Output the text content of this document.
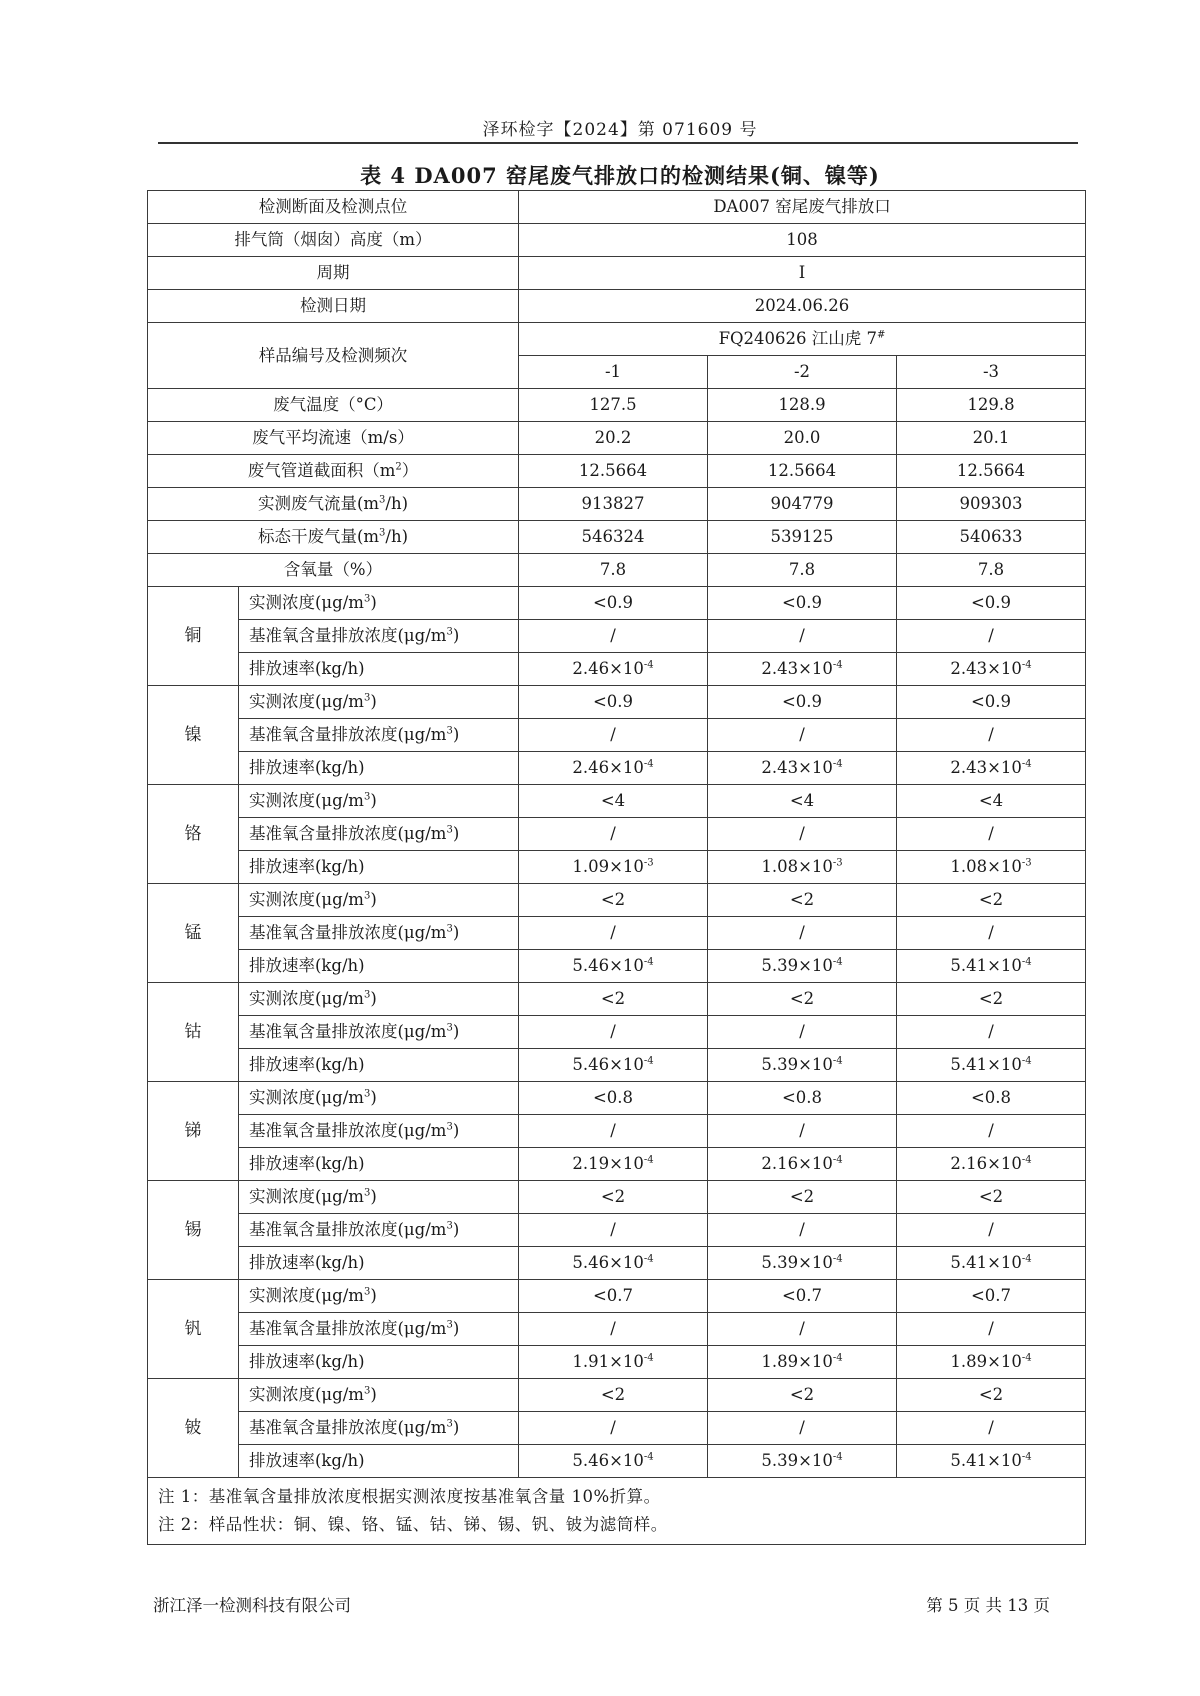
泽环检字【2024】第 071609 号
表 4 DA007 窑尾废气排放口的检测结果(铜、镍等)
检测断面及检测点位		DA007 窑尾废气排放口		
排气筒（烟囱）高度（m）		108		
周期		I		
检测日期		2024.06.26		
样品编号及检测频次		FQ240626 江山虎 7#
		-1	-2	-3
废气温度（°C）		127.5	128.9	129.8
废气平均流速（m/s）		20.2	20.0	20.1
废气管道截面积$(m^2)$		12.5664	12.5664	12.5664
实测废气流量$(m^3/h)$		913827	904779	909303
标态干废气量$(m^3/h)$		546324	539125	540633
含氧量（%）		7.8	7.8	7.8
铜	实测浓度$(\mu g/m^3)$	<0.9	<0.9	<0.9
	基准氧含量排放浓度$(\mu g/m^3)$	/	/	/
	排放速率(kg/h)	$2.46\times 10^{-4}$	$2.43\times 10^{-4}$	$2.43\times 10^{-4}$
镍	实测浓度$(\mu g/m^3)$	<0.9	<0.9	<0.9
	基准氧含量排放浓度$(\mu g/m^3)$	/	/	/
	排放速率(kg/h)	$2.46\times 10^{-4}$	$2.43\times 10^{-4}$	$2.43\times 10^{-4}$
铬	实测浓度$(\mu g/m^3)$	<4	<4	<4
	基准氧含量排放浓度$(\mu g/m^3)$	/	/	/
	排放速率(kg/h)	$1.09\times 10^{-3}$	$1.08\times 10^{-3}$	$1.08\times 10^{-3}$
锰	实测浓度$(\mu g/m^3)$	<2	<2	<2
	基准氧含量排放浓度$(\mu g/m^3)$	/	/	/
	排放速率(kg/h)	$5.46\times 10^{-4}$	$5.39\times 10^{-4}$	$5.41\times 10^{-4}$
钴	实测浓度$(\mu g/m^3)$	<2	<2	<2
	基准氧含量排放浓度$(\mu g/m^3)$	/	/	/
	排放速率(kg/h)	$5.46\times 10^{-4}$	$5.39\times 10^{-4}$	$5.41\times 10^{-4}$
锑	实测浓度$(\mu g/m^3)$	<0.8	<0.8	<0.8
	基准氧含量排放浓度$(\mu g/m^3)$	/	/	/
	排放速率(kg/h)	$2.19\times 10^{-4}$	$2.16\times 10^{-4}$	$2.16\times 10^{-4}$
锡	实测浓度$(\mu g/m^3)$	<2	<2	<2
	基准氧含量排放浓度$(\mu g/m^3)$	/	/	/
	排放速率(kg/h)	$5.46\times 10^{-4}$	$5.39\times 10^{-4}$	$5.41\times 10^{-4}$
钒	实测浓度$(\mu g/m^3)$	<0.7	<0.7	<0.7
	基准氧含量排放浓度$(\mu g/m^3)$	/	/	/
	排放速率(kg/h)	$1.91\times 10^{-4}$	$1.89\times 10^{-4}$	$1.89\times 10^{-4}$
铍	实测浓度$(\mu g/m^3)$	<2	<2	<2
	基准氧含量排放浓度$(\mu g/m^3)$	/	/	/
	排放速率(kg/h)	$5.46\times 10^{-4}$	$5.39\times 10^{-4}$	$5.41\times 10^{-4}$

注 1：基准氧含量排放浓度根据实测浓度按基准氧含量 10%折算。
注 2：样品性状：铜、镍、铬、锰、钴、锑、锡、钒、铍为滤筒样。				
浙江泽一检测科技有限公司	第 5 页 共 13 页
